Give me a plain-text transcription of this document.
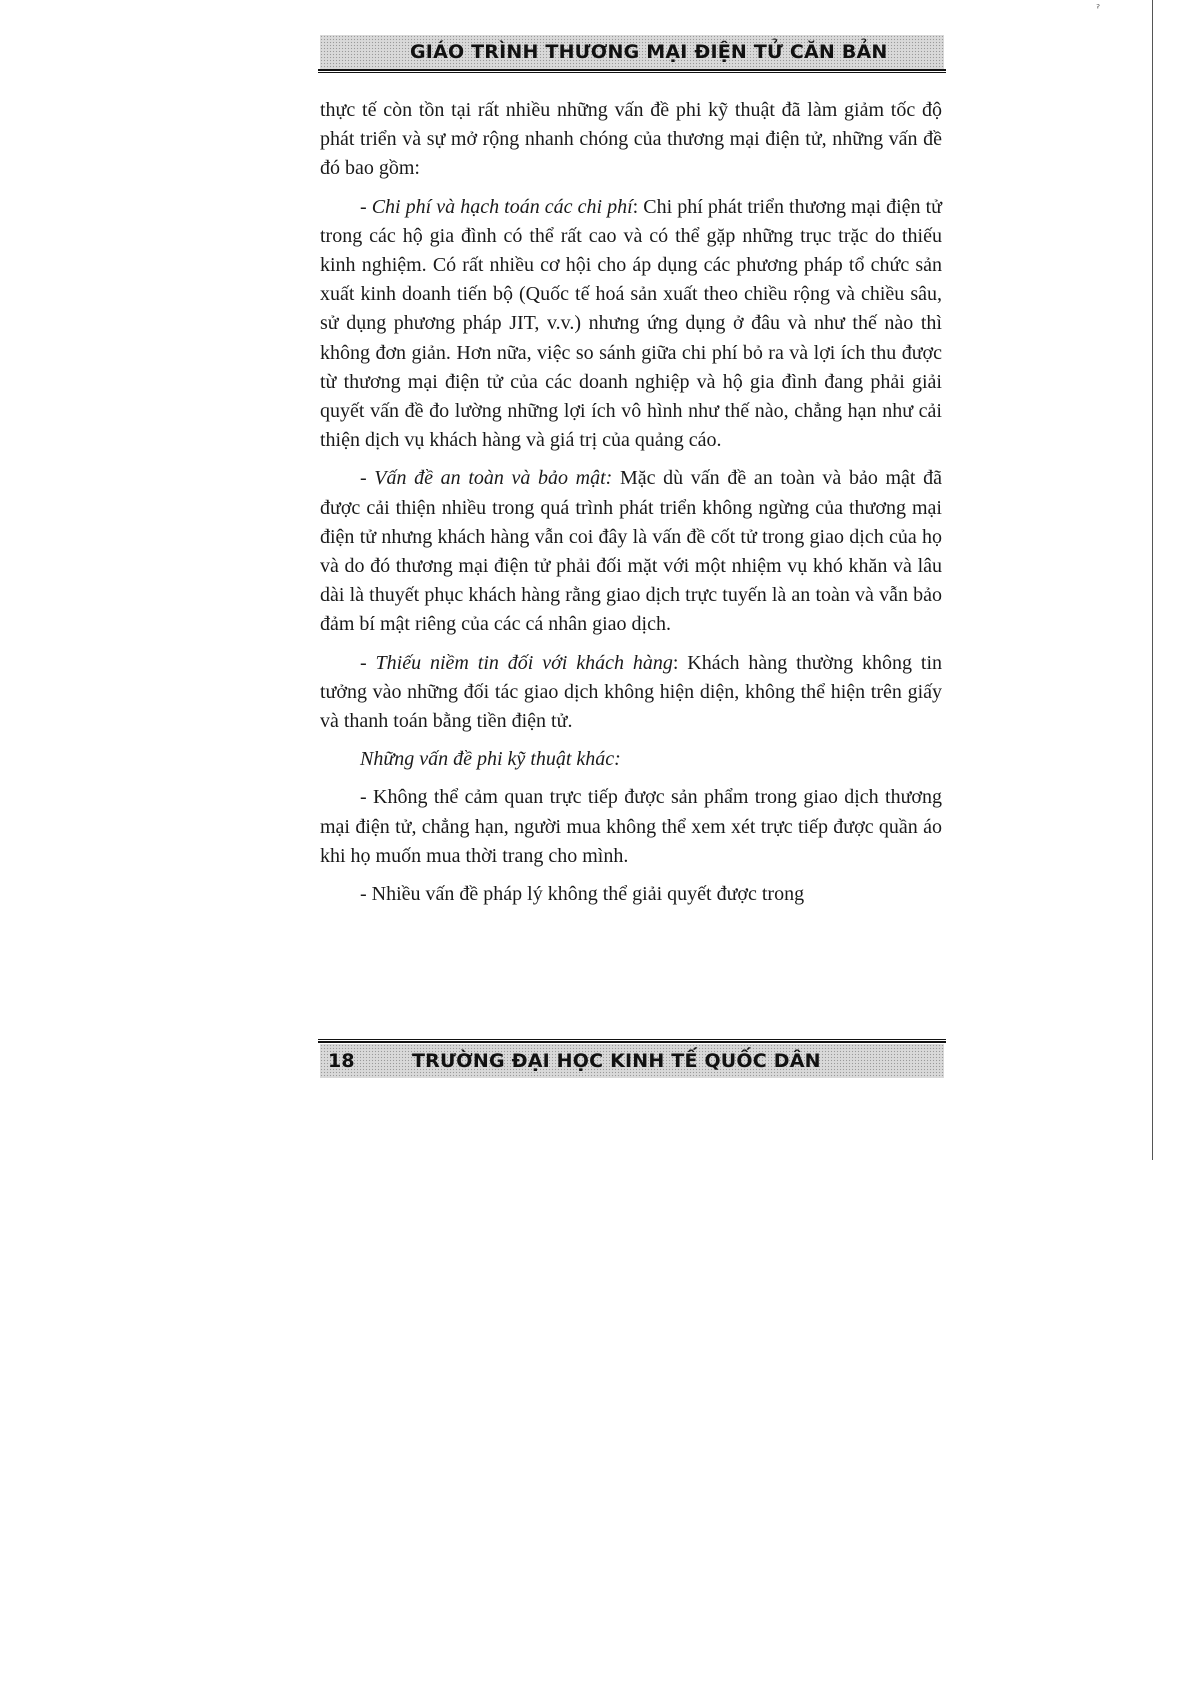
ˀ
GIÁO TRÌNH THƯƠNG MẠI ĐIỆN TỬ CĂN BẢN

thực tế còn tồn tại rất nhiều những vấn đề phi kỹ thuật đã làm giảm tốc độ phát triển và sự mở rộng nhanh chóng của thương mại điện tử, những vấn đề đó bao gồm:

- Chi phí và hạch toán các chi phí: Chi phí phát triển thương mại điện tử trong các hộ gia đình có thể rất cao và có thể gặp những trục trặc do thiếu kinh nghiệm. Có rất nhiều cơ hội cho áp dụng các phương pháp tổ chức sản xuất kinh doanh tiến bộ (Quốc tế hoá sản xuất theo chiều rộng và chiều sâu, sử dụng phương pháp JIT, v.v.) nhưng ứng dụng ở đâu và như thế nào thì không đơn giản. Hơn nữa, việc so sánh giữa chi phí bỏ ra và lợi ích thu được từ thương mại điện tử của các doanh nghiệp và hộ gia đình đang phải giải quyết vấn đề đo lường những lợi ích vô hình như thế nào, chẳng hạn như cải thiện dịch vụ khách hàng và giá trị của quảng cáo.

- Vấn đề an toàn và bảo mật: Mặc dù vấn đề an toàn và bảo mật đã được cải thiện nhiều trong quá trình phát triển không ngừng của thương mại điện tử nhưng khách hàng vẫn coi đây là vấn đề cốt tử trong giao dịch của họ và do đó thương mại điện tử phải đối mặt với một nhiệm vụ khó khăn và lâu dài là thuyết phục khách hàng rằng giao dịch trực tuyến là an toàn và vẫn bảo đảm bí mật riêng của các cá nhân giao dịch.

- Thiếu niềm tin đối với khách hàng: Khách hàng thường không tin tưởng vào những đối tác giao dịch không hiện diện, không thể hiện trên giấy và thanh toán bằng tiền điện tử.

Những vấn đề phi kỹ thuật khác:

- Không thể cảm quan trực tiếp được sản phẩm trong giao dịch thương mại điện tử, chẳng hạn, người mua không thể xem xét trực tiếp được quần áo khi họ muốn mua thời trang cho mình.

- Nhiều vấn đề pháp lý không thể giải quyết được trong

18	TRƯỜNG ĐẠI HỌC KINH TẾ QUỐC DÂN
